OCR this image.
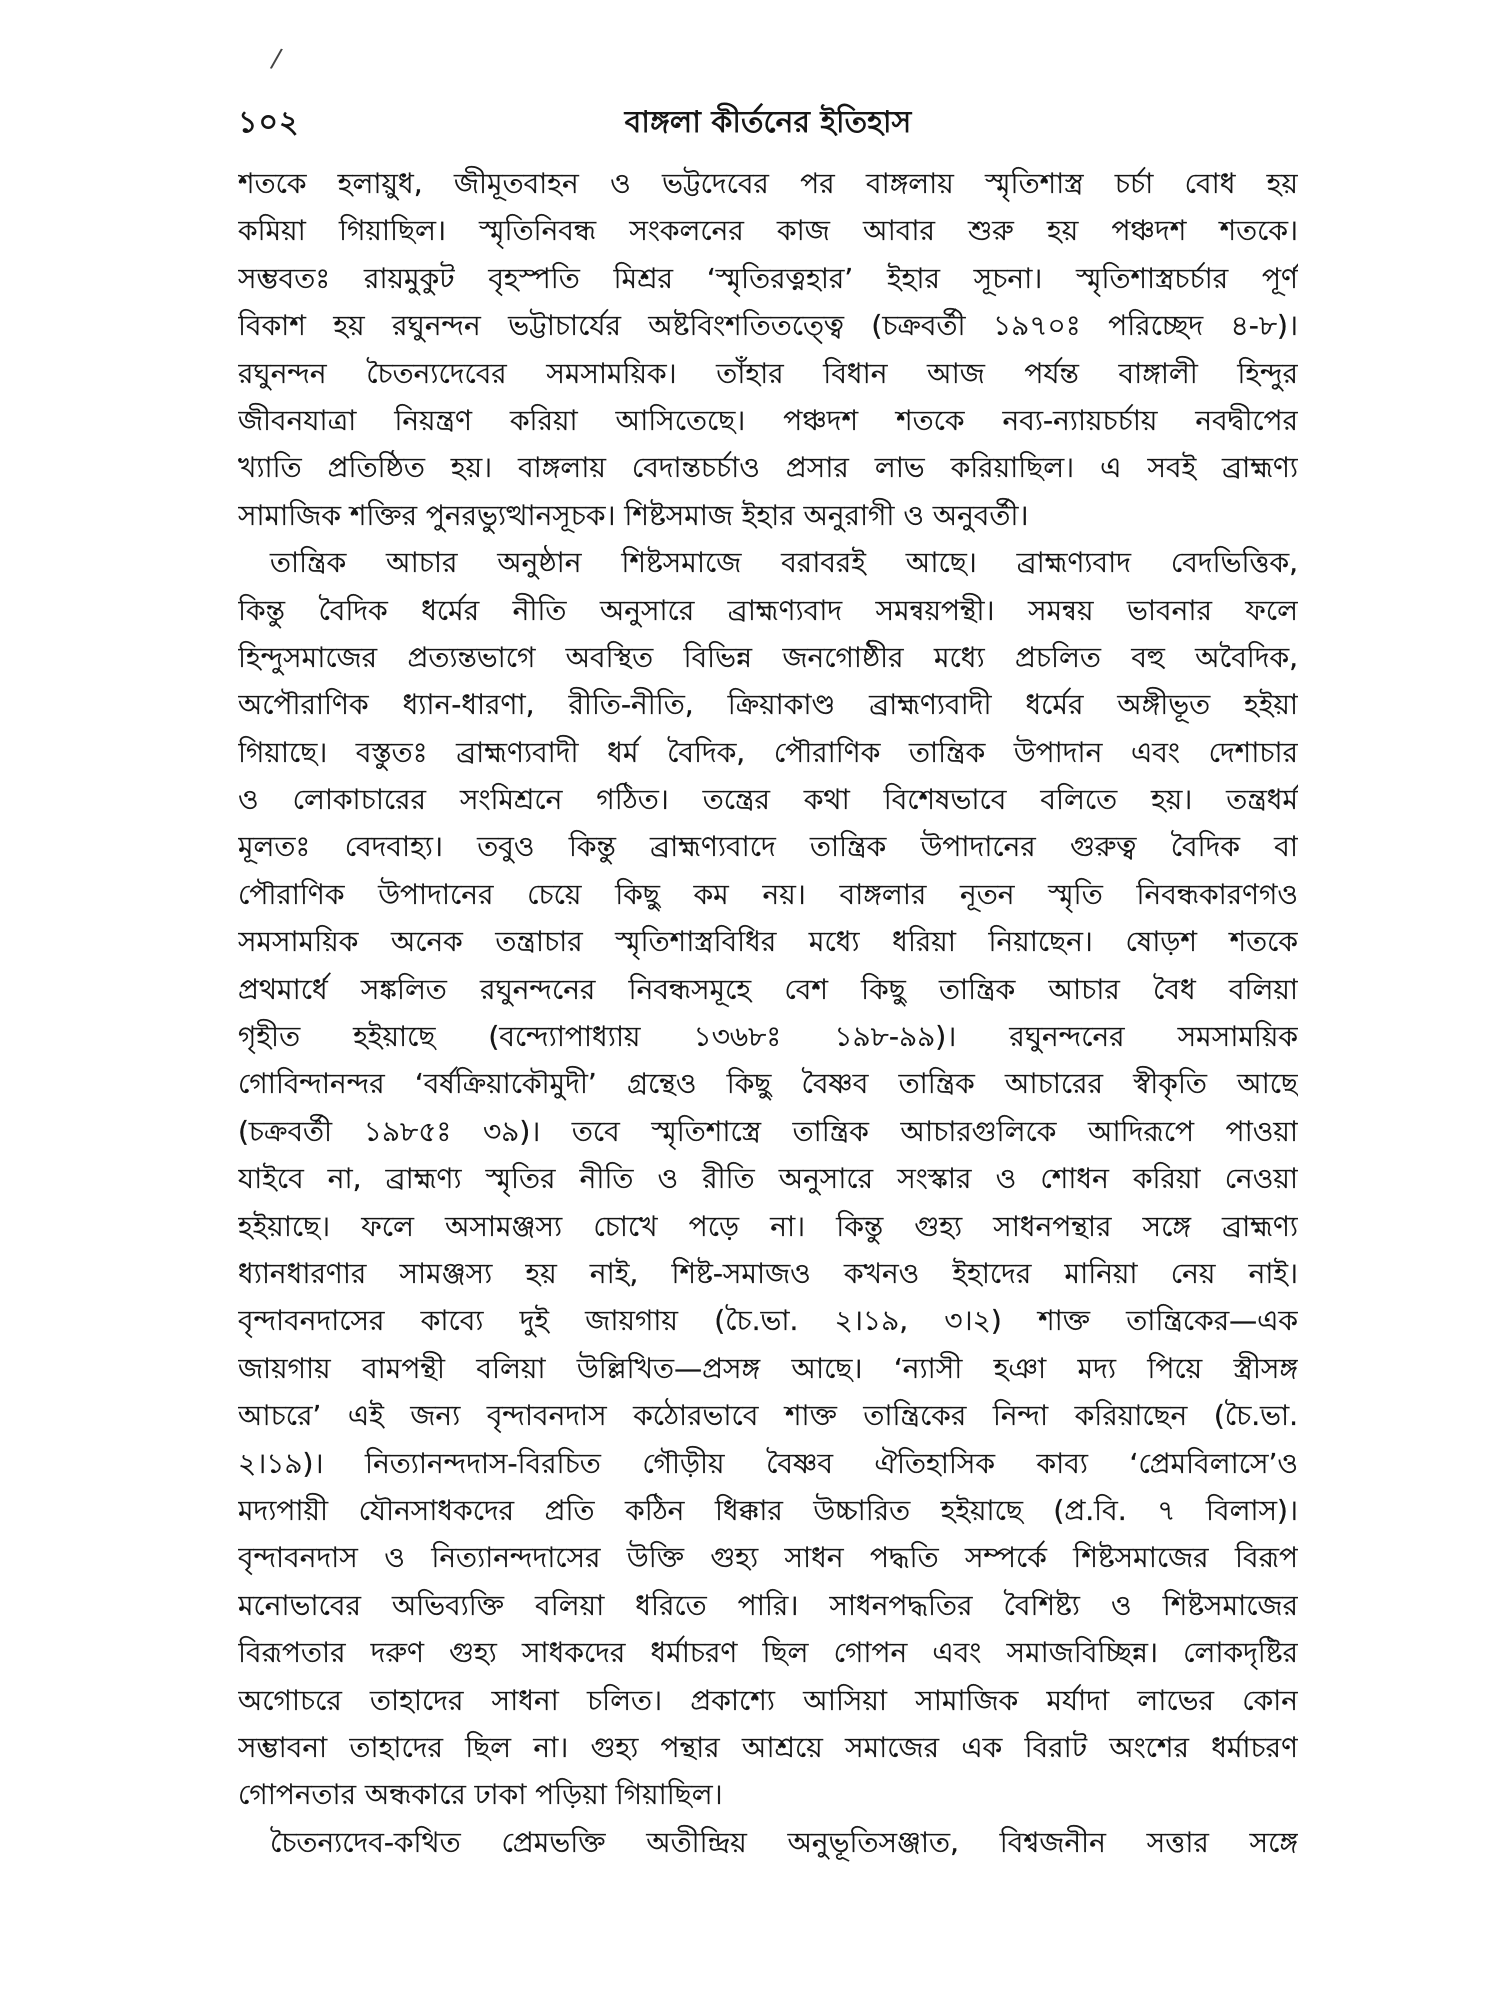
/
১০২	বাঙ্গলা কীর্তনের ইতিহাস
শতকে হলায়ুধ, জীমূতবাহন ও ভট্টদেবের পর বাঙ্গলায় স্মৃতিশাস্ত্র চর্চা বোধ হয়
কমিয়া গিয়াছিল। স্মৃতিনিবন্ধ সংকলনের কাজ আবার শুরু হয় পঞ্চদশ শতকে।
সম্ভবতঃ রায়মুকুট বৃহস্পতি মিশ্রর ‘স্মৃতিরত্নহার’ ইহার সূচনা। স্মৃতিশাস্ত্রচর্চার পূর্ণ
বিকাশ হয় রঘুনন্দন ভট্টাচার্যের অষ্টবিংশতিতত্ত্বে (চক্রবর্তী ১৯৭০ঃ পরিচ্ছেদ ৪-৮)।
রঘুনন্দন চৈতন্যদেবের সমসাময়িক। তাঁহার বিধান আজ পর্যন্ত বাঙ্গালী হিন্দুর
জীবনযাত্রা নিয়ন্ত্রণ করিয়া আসিতেছে। পঞ্চদশ শতকে নব্য-ন্যায়চর্চায় নবদ্বীপের
খ্যাতি প্রতিষ্ঠিত হয়। বাঙ্গলায় বেদান্তচর্চাও প্রসার লাভ করিয়াছিল। এ সবই ব্রাহ্মণ্য
সামাজিক শক্তির পুনরভ্যুত্থানসূচক। শিষ্টসমাজ ইহার অনুরাগী ও অনুবর্তী।
তান্ত্রিক আচার অনুষ্ঠান শিষ্টসমাজে বরাবরই আছে। ব্রাহ্মণ্যবাদ বেদভিত্তিক,
কিন্তু বৈদিক ধর্মের নীতি অনুসারে ব্রাহ্মণ্যবাদ সমন্বয়পন্থী। সমন্বয় ভাবনার ফলে
হিন্দুসমাজের প্রত্যন্তভাগে অবস্থিত বিভিন্ন জনগোষ্ঠীর মধ্যে প্রচলিত বহু অবৈদিক,
অপৌরাণিক ধ্যান-ধারণা, রীতি-নীতি, ক্রিয়াকাণ্ড ব্রাহ্মণ্যবাদী ধর্মের অঙ্গীভূত হইয়া
গিয়াছে। বস্তুতঃ ব্রাহ্মণ্যবাদী ধর্ম বৈদিক, পৌরাণিক তান্ত্রিক উপাদান এবং দেশাচার
ও লোকাচারের সংমিশ্রনে গঠিত। তন্ত্রের কথা বিশেষভাবে বলিতে হয়। তন্ত্রধর্ম
মূলতঃ বেদবাহ্য। তবুও কিন্তু ব্রাহ্মণ্যবাদে তান্ত্রিক উপাদানের গুরুত্ব বৈদিক বা
পৌরাণিক উপাদানের চেয়ে কিছু কম নয়। বাঙ্গলার নূতন স্মৃতি নিবন্ধকারণগও
সমসাময়িক অনেক তন্ত্রাচার স্মৃতিশাস্ত্রবিধির মধ্যে ধরিয়া নিয়াছেন। ষোড়শ শতকে
প্রথমার্ধে সঙ্কলিত রঘুনন্দনের নিবন্ধসমূহে বেশ কিছু তান্ত্রিক আচার বৈধ বলিয়া
গৃহীত হইয়াছে (বন্দ্যোপাধ্যায় ১৩৬৮ঃ ১৯৮-৯৯)। রঘুনন্দনের সমসাময়িক
গোবিন্দানন্দর ‘বর্ষক্রিয়াকৌমুদী’ গ্রন্থেও কিছু বৈষ্ণব তান্ত্রিক আচারের স্বীকৃতি আছে
(চক্রবর্তী ১৯৮৫ঃ ৩৯)। তবে স্মৃতিশাস্ত্রে তান্ত্রিক আচারগুলিকে আদিরূপে পাওয়া
যাইবে না, ব্রাহ্মণ্য স্মৃতির নীতি ও রীতি অনুসারে সংস্কার ও শোধন করিয়া নেওয়া
হইয়াছে। ফলে অসামঞ্জস্য চোখে পড়ে না। কিন্তু গুহ্য সাধনপন্থার সঙ্গে ব্রাহ্মণ্য
ধ্যানধারণার সামঞ্জস্য হয় নাই, শিষ্ট-সমাজও কখনও ইহাদের মানিয়া নেয় নাই।
বৃন্দাবনদাসের কাব্যে দুই জায়গায় (চৈ.ভা. ২।১৯, ৩।২) শাক্ত তান্ত্রিকের—এক
জায়গায় বামপন্থী বলিয়া উল্লিখিত—প্রসঙ্গ আছে। ‘ন্যাসী হঞা মদ্য পিয়ে স্ত্রীসঙ্গ
আচরে’ এই জন্য বৃন্দাবনদাস কঠোরভাবে শাক্ত তান্ত্রিকের নিন্দা করিয়াছেন (চৈ.ভা.
২।১৯)। নিত্যানন্দদাস-বিরচিত গৌড়ীয় বৈষ্ণব ঐতিহাসিক কাব্য ‘প্রেমবিলাসে’ও
মদ্যপায়ী যৌনসাধকদের প্রতি কঠিন ধিক্কার উচ্চারিত হইয়াছে (প্র.বি. ৭ বিলাস)।
বৃন্দাবনদাস ও নিত্যানন্দদাসের উক্তি গুহ্য সাধন পদ্ধতি সম্পর্কে শিষ্টসমাজের বিরূপ
মনোভাবের অভিব্যক্তি বলিয়া ধরিতে পারি। সাধনপদ্ধতির বৈশিষ্ট্য ও শিষ্টসমাজের
বিরূপতার দরুণ গুহ্য সাধকদের ধর্মাচরণ ছিল গোপন এবং সমাজবিচ্ছিন্ন। লোকদৃষ্টির
অগোচরে তাহাদের সাধনা চলিত। প্রকাশ্যে আসিয়া সামাজিক মর্যাদা লাভের কোন
সম্ভাবনা তাহাদের ছিল না। গুহ্য পন্থার আশ্রয়ে সমাজের এক বিরাট অংশের ধর্মাচরণ
গোপনতার অন্ধকারে ঢাকা পড়িয়া গিয়াছিল।
চৈতন্যদেব-কথিত প্রেমভক্তি অতীন্দ্রিয় অনুভূতিসঞ্জাত, বিশ্বজনীন সত্তার সঙ্গে
